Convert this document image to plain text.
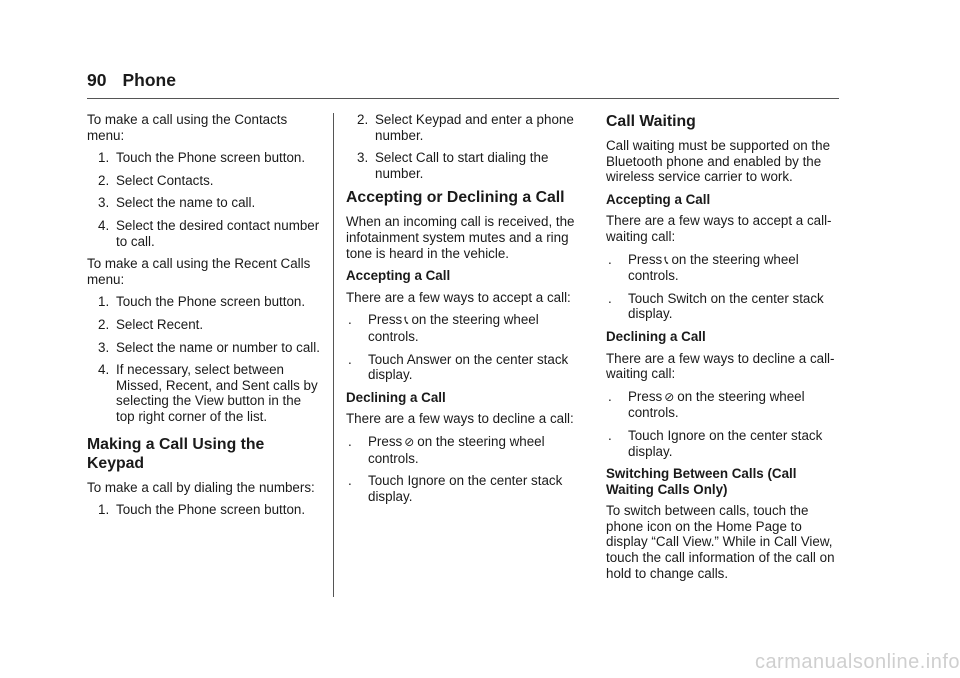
90 Phone

To make a call using the Contacts menu:

1. Touch the Phone screen button.
2. Select Contacts.
3. Select the name to call.
4. Select the desired contact number to call.

To make a call using the Recent Calls menu:

1. Touch the Phone screen button.
2. Select Recent.
3. Select the name or number to call.
4. If necessary, select between Missed, Recent, and Sent calls by selecting the View button in the top right corner of the list.
Making a Call Using the Keypad

To make a call by dialing the numbers:

1. Touch the Phone screen button.
2. Select Keypad and enter a phone number.
3. Select Call to start dialing the number.
Accepting or Declining a Call

When an incoming call is received, the infotainment system mutes and a ring tone is heard in the vehicle.

Accepting a Call

There are a few ways to accept a call:

. Press 📞︎ on the steering wheel controls.
. Touch Answer on the center stack display.

Declining a Call

There are a few ways to decline a call:

. Press ⊘ on the steering wheel controls.
. Touch Ignore on the center stack display.
Call Waiting

Call waiting must be supported on the Bluetooth phone and enabled by the wireless service carrier to work.

Accepting a Call

There are a few ways to accept a call-waiting call:

. Press 📞︎ on the steering wheel controls.
. Touch Switch on the center stack display.

Declining a Call

There are a few ways to decline a call-waiting call:

. Press ⊘ on the steering wheel controls.
. Touch Ignore on the center stack display.

Switching Between Calls (Call Waiting Calls Only)

To switch between calls, touch the phone icon on the Home Page to display “Call View.” While in Call View, touch the call information of the call on hold to change calls.

carmanualsonline.info
